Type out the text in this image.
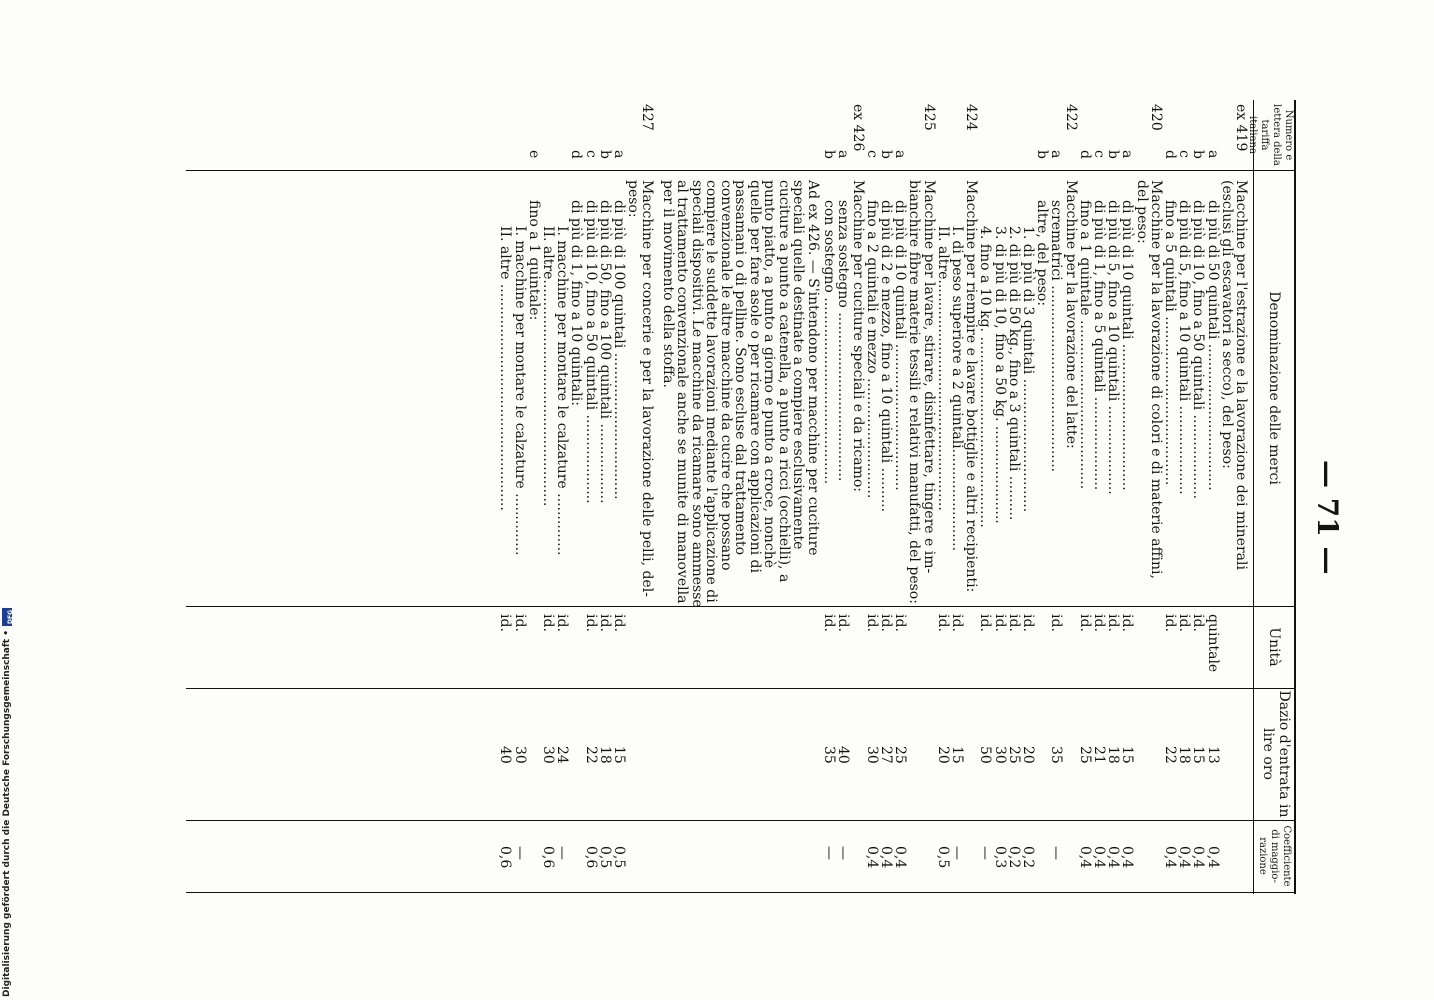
Digitalisierung gefördert durch die Deutsche Forschungsgemeinschaft •
DFG
— 71 —
Numero e lettera della tariffa italiana
Denominazione delle merci
Unità
Dazio d'entrata in lire oro
Coefficiente di maggio-razione
ex 419
Macchine per l'estrazione e la lavorazione dei minerali
(esclusi gli escavatori a secco), del peso:
a
di più di 50 quintali .................................
quintale
13
0,4
b
di più di 10, fino a 50 quintali ...................
id.
15
0,4
c
di più di 5, fino a 10 quintali ....................
id.
18
0,4
d
fino a 5 quintali ......................................
id.
22
0,4
420
Macchine per la lavorazione di colori e di materie affini,
del peso:
a
di più di 10 quintali .................................
id.
15
0,4
b
di più di 5, fino a 10 quintali ....................
id.
18
0,4
c
di più di 1, fino a 5 quintali .....................
id.
21
0,4
d
fino a 1 quintale ......................................
id.
25
0,4
422
Macchine per la lavorazione del latte:
a
scrematrici ..........................................
id.
35
—
b
altre, del peso:
1. di più di 3 quintali ..............................
id.
20
0,2
2. di più di 50 kg., fino a 3 quintali ..........
id.
25
0,2
3. di più di 10, fino a 50 kg. ......................
id.
30
0,3
4. fino a 10 kg. ...........................................
id.
50
—
424
Macchine per riempire e lavare bottiglie e altri recipienti:
I. di peso superiore a 2 quintali.......................
id.
15
—
II. altre....................................................
id.
20
0,5
425
Macchine per lavare, stirare, disinfettare, tingere e im-
bianchire fibre materie tessili e relativi manufatti, del peso:
a
di più di 10 quintali .................................
id.
25
0,4
b
di più di 2 e mezzo, fino a 10 quintali ..........
id.
27
0,4
c
fino a 2 quintali e mezzo ...........................
id.
30
0,4
ex 426
Macchine per cuciture speciali e da ricamo:
a
senza sostegno ......................................
id.
40
—
b
con sostegno ..........................................
id.
35
—
Ad ex 426. — S'intendono per macchine per cuciture speciali quelle destinate a compiere esclusivamente cuciture a punto a catenella, a punto a ricci (occhielli), a punto piatto, a punto a giorno e punto a croce, nonchè quelle per fare asole o per ricamare con applicazioni di passamani o di pelline. Sono escluse dal trattamento convenzionale le altre macchine da cucire che possano compiere le suddette lavorazioni mediante l'applicazione di speciali dispositivi. Le macchine da ricamare sono ammesse al trattamento convenzionale anche se munite di manovella per il movimento della stoffa.
427
Macchine per concerie e per la lavorazione delle pelli, del-
peso:
a
di più di 100 quintali .................................
id.
15
0,5
b
di più di 50, fino a 100 quintali ..................
id.
18
0,5
c
di più di 10, fino a 50 quintali ....................
id.
22
0,6
d
di più di 1, fino a 10 quintali:
I. macchine per montare le calzature ..............
id.
24
—
II. altre...................................................
id.
30
0,6
e
fino a 1 quintale:
I. macchine per montare le calzature ..............
id.
30
—
II. altre ...................................................
id.
40
0,6
